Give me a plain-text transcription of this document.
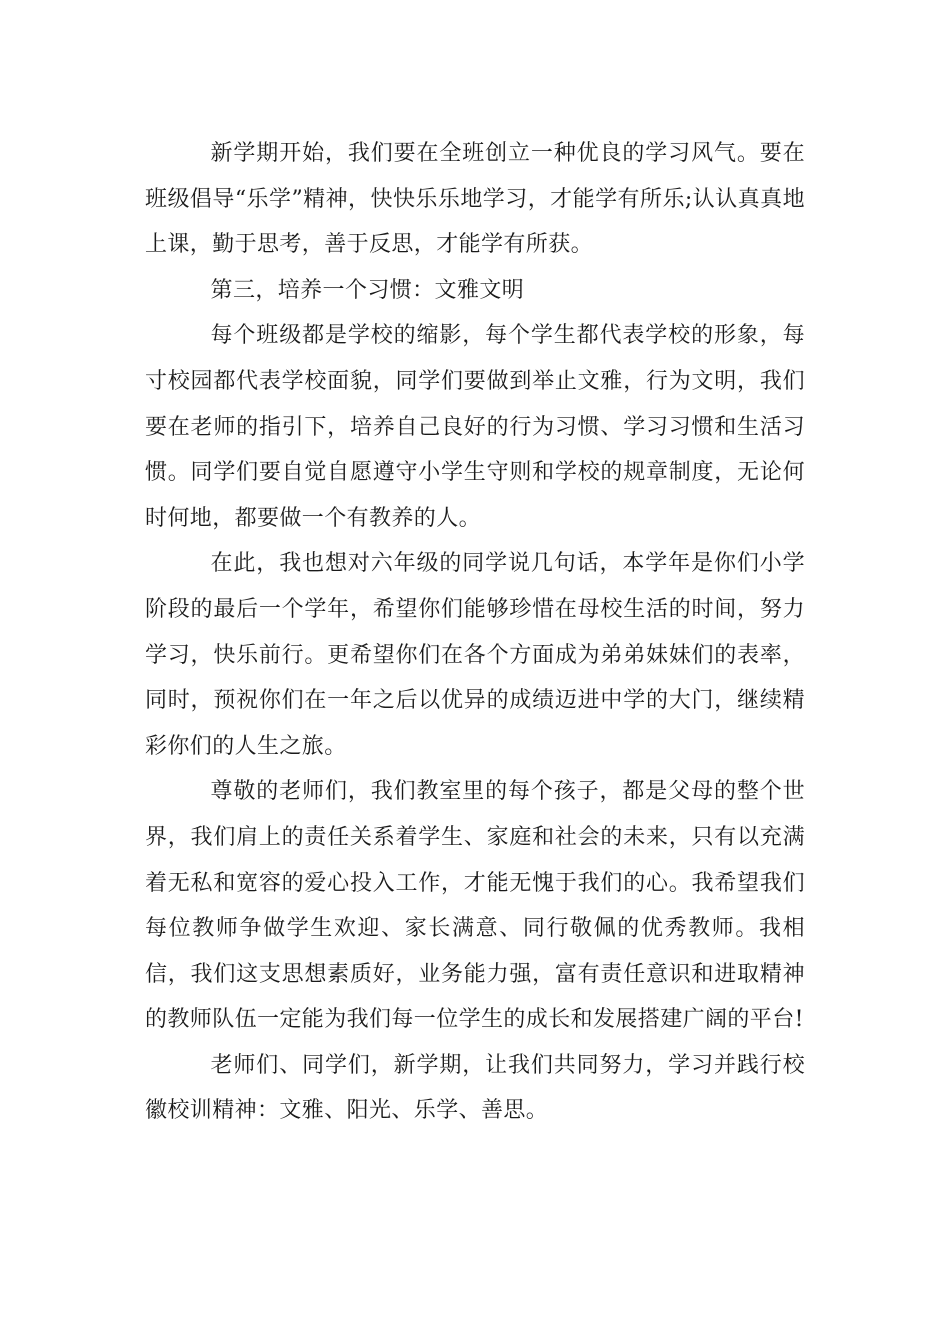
新学期开始，我们要在全班创立一种优良的学习风气。要在班级倡导“乐学”精神，快快乐乐地学习，才能学有所乐;认认真真地上课，勤于思考，善于反思，才能学有所获。

第三，培养一个习惯：文雅文明

每个班级都是学校的缩影，每个学生都代表学校的形象，每寸校园都代表学校面貌，同学们要做到举止文雅，行为文明，我们要在老师的指引下，培养自己良好的行为习惯、学习习惯和生活习惯。同学们要自觉自愿遵守小学生守则和学校的规章制度，无论何时何地，都要做一个有教养的人。

在此，我也想对六年级的同学说几句话，本学年是你们小学阶段的最后一个学年，希望你们能够珍惜在母校生活的时间，努力学习，快乐前行。更希望你们在各个方面成为弟弟妹妹们的表率，同时，预祝你们在一年之后以优异的成绩迈进中学的大门，继续精彩你们的人生之旅。

尊敬的老师们，我们教室里的每个孩子，都是父母的整个世界，我们肩上的责任关系着学生、家庭和社会的未来，只有以充满着无私和宽容的爱心投入工作，才能无愧于我们的心。我希望我们每位教师争做学生欢迎、家长满意、同行敬佩的优秀教师。我相信，我们这支思想素质好，业务能力强，富有责任意识和进取精神的教师队伍一定能为我们每一位学生的成长和发展搭建广阔的平台!

老师们、同学们，新学期，让我们共同努力，学习并践行校徽校训精神：文雅、阳光、乐学、善思。
